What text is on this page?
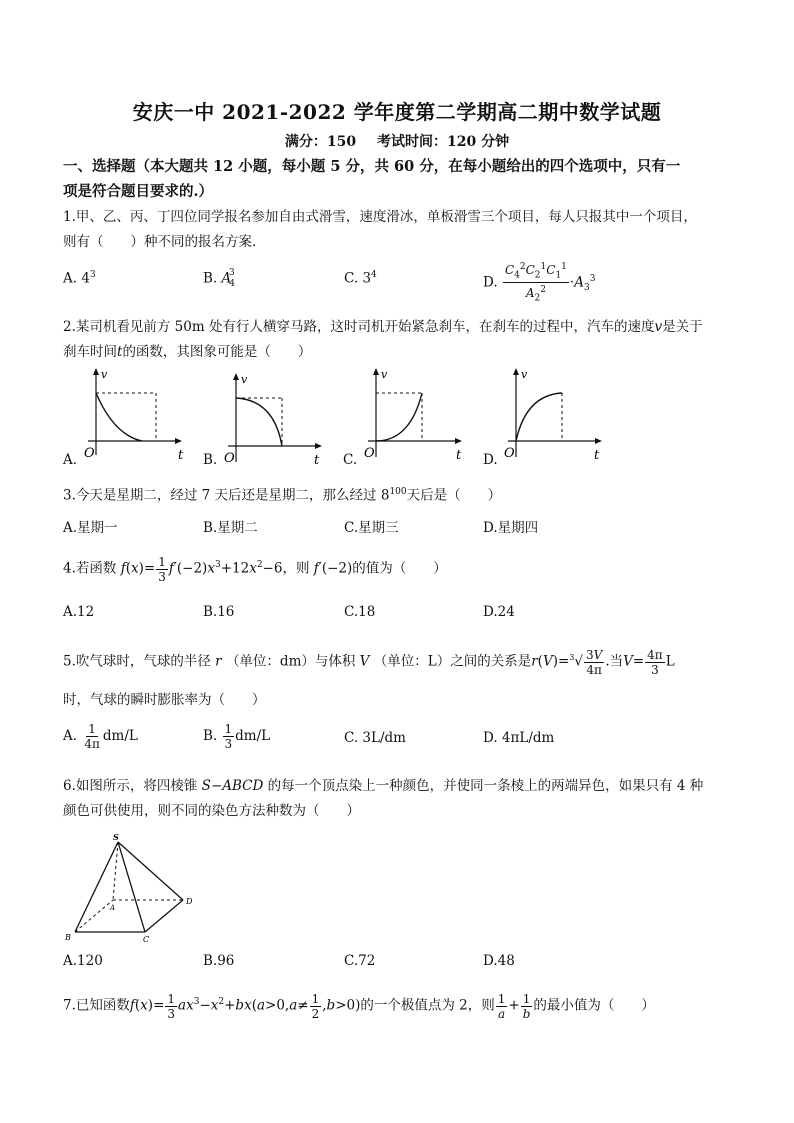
安庆一中 2021-2022 学年度第二学期高二期中数学试题
满分：150 考试时间：120 分钟
一、选择题（本大题共 12 小题，每小题 5 分，共 60 分，在每小题给出的四个选项中，只有一
项是符合题目要求的.）
1.甲、乙、丙、丁四位同学报名参加自由式滑雪，速度滑冰，单板滑雪三个项目，每人只报其中一个项目，
则有（　　）种不同的报名方案.
A. $4^3$	B. $A_4^3$	C. $3^4$	D. $\frac{C_4^2C_2^1C_1^1}{A_2^2} \cdot A_3^3$
2.某司机看见前方 50m 处有行人横穿马路，这时司机开始紧急刹车，在刹车的过程中，汽车的速度v是关于
刹车时间t的函数，其图象可能是（　　）
v
O	t
A.
v
O	t
B.
v
O	t
C.
v
O	t
D.
3.今天是星期二，经过 7 天后还是星期二，那么经过 $8^{100}$天后是（　　）
A.星期一	B.星期二	C.星期三	D.星期四
4.若函数 $f(x)= \frac{1}{3} f'(-2)x^3+12x^2-6$，则 f′(−2)的值为（　　）
A.12	B.16	C.18	D.24
5.吹气球时，气球的半径 r （单位：dm）与体积 V （单位：L）之间的关系是$r(V)=^3√ \frac{3V}{4\pi}$ .当$V= \frac{4\pi}{3}$ L
时，气球的瞬时膨胀率为（　　）
A. $\frac{1}{4\pi} dm/L$	B. $\frac{1}{3} dm/L$	C. 3L/dm	D. 4πL/dm
6.如图所示，将四棱锥 S−ABCD 的每一个顶点染上一种颜色，并使同一条棱上的两端异色，如果只有 4 种
颜色可供使用，则不同的染色方法种数为（　　）
S
A
B	C
D
A.120	B.96	C.72	D.48
7.已知函数$f(x)= \frac{1}{3} ax^3-x^2+bx(a>0,a\ne \frac{1}{2} ,b>0)$的一个极值点为 2，则 $\frac{1}{a} + \frac{1}{b}$ 的最小值为（　　）
